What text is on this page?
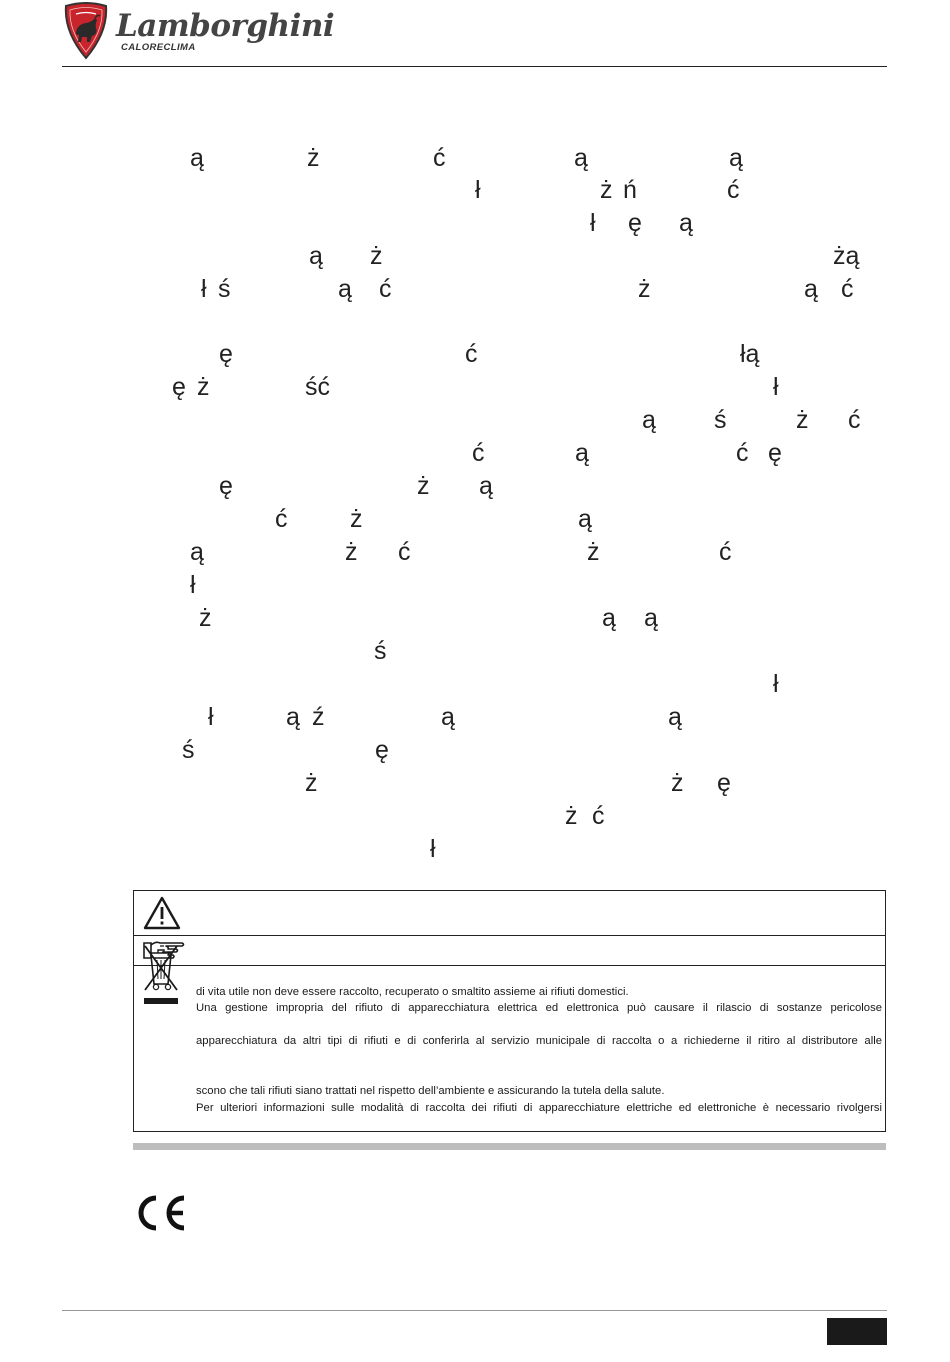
Lamborghini
CALORECLIMA
ą	ż	ć	ą	ą
ł	ż ń	ć
ł ę ą
ą ż	żą
ł ś	ą ć	ż	ą ć
ę	ć	łą
ę ż	ść	ł
ą ś	ż ć
ć	ą	ć ę
ę	ż ą
ć	ż	ą
ą	ż ć	ż	ć
ł
ż	ą ą
ś
ł
ł	ą ź	ą	ą
ś	ę
ż	ż ę
ż ć
ł
di vita utile non deve essere raccolto, recuperato o smaltito assieme ai rifiuti domestici.
Una gestione impropria del rifiuto di apparecchiatura elettrica ed elettronica può causare il rilascio di sostanze pericolose
apparecchiatura da altri tipi di rifiuti e di conferirla al servizio municipale di raccolta o a richiederne il ritiro al distributore alle
scono che tali rifiuti siano trattati nel rispetto dell’ambiente e assicurando la tutela della salute.
Per ulteriori informazioni sulle modalità di raccolta dei rifiuti di apparecchiature elettriche ed elettroniche è necessario rivolgersi
